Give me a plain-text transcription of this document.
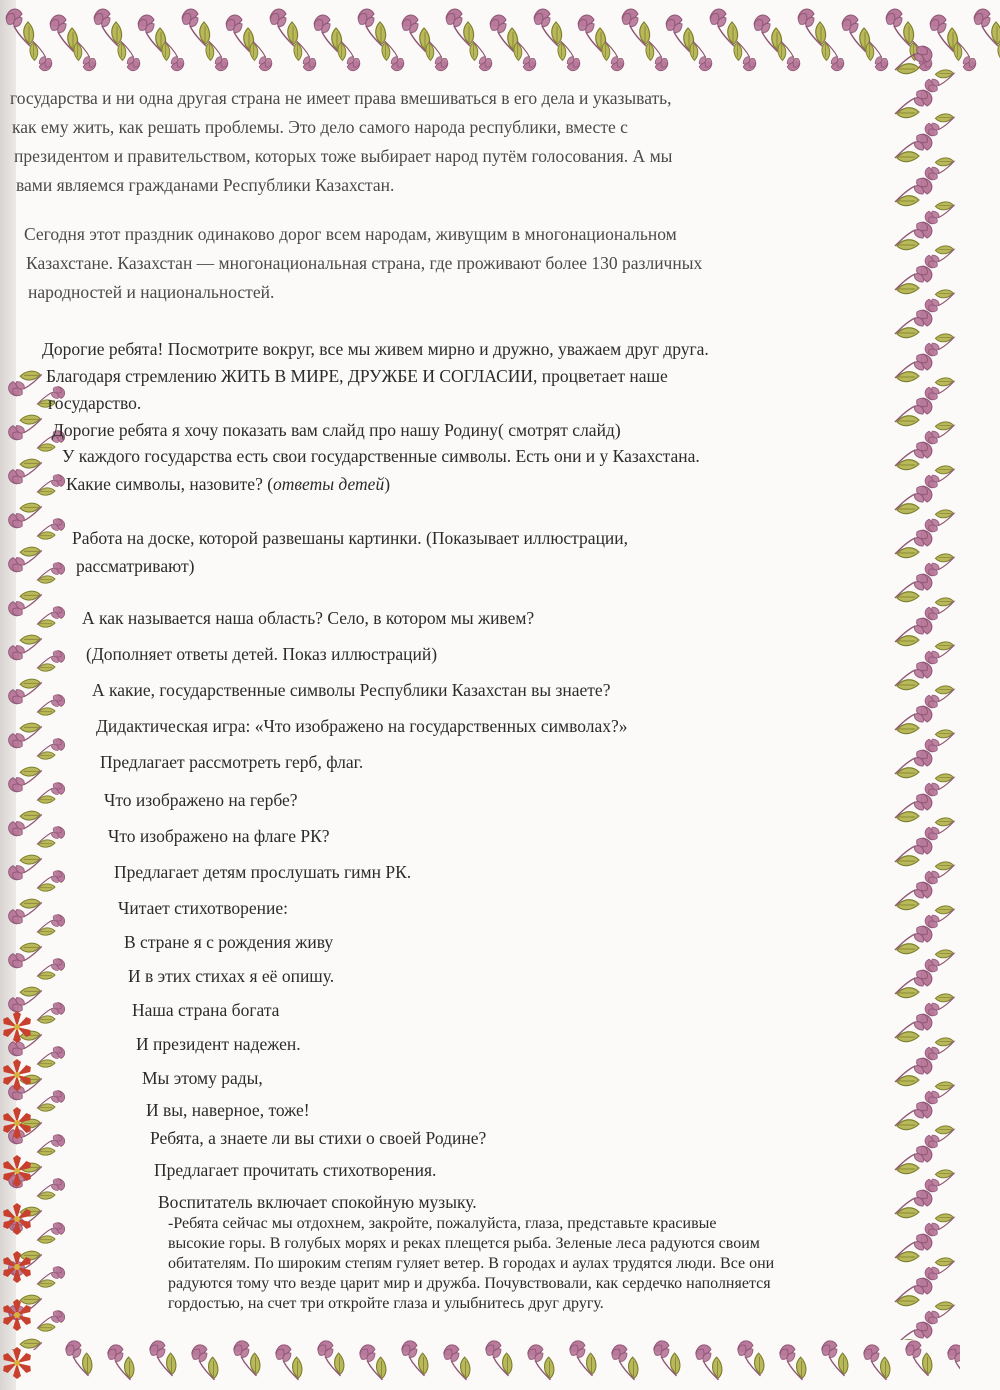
государства и ни одна другая страна не имеет права вмешиваться в его дела и указывать,
как ему жить, как решать проблемы. Это дело самого народа республики, вместе с
президентом и правительством, которых тоже выбирает народ путём голосования. А мы
вами являемся гражданами Республики Казахстан.
Сегодня этот праздник одинаково дорог всем народам, живущим в многонациональном
Казахстане. Казахстан — многонациональная страна, где проживают более 130 различных
народностей и национальностей.
Дорогие ребята! Посмотрите вокруг, все мы живем мирно и дружно, уважаем друг друга.
Благодаря стремлению ЖИТЬ В МИРЕ, ДРУЖБЕ И СОГЛАСИИ, процветает наше
государство.
Дорогие ребята я хочу показать вам слайд про нашу Родину( смотрят слайд)
У каждого государства есть свои государственные символы. Есть они и у Казахстана.
Какие символы, назовите? (ответы детей)
Работа на доске, которой развешаны картинки. (Показывает иллюстрации,
рассматривают)
А как называется наша область? Село, в котором мы живем?
(Дополняет ответы детей. Показ иллюстраций)
А какие, государственные символы Республики Казахстан вы знаете?
Дидактическая игра: «Что изображено на государственных символах?»
Предлагает рассмотреть герб, флаг.
Что изображено на гербе?
Что изображено на флаге РК?
Предлагает детям прослушать гимн РК.
Читает стихотворение:
В стране я с рождения живу
И в этих стихах я её опишу.
Наша страна богата
И президент надежен.
Мы этому рады,
И вы, наверное, тоже!
Ребята, а знаете ли вы стихи о своей Родине?
Предлагает прочитать стихотворения.
Воспитатель включает спокойную музыку.
-Ребята сейчас мы отдохнем, закройте, пожалуйста, глаза, представьте красивые
высокие горы. В голубых морях и реках плещется рыба. Зеленые леса радуются своим
обитателям. По широким степям гуляет ветер. В городах и аулах трудятся люди. Все они
радуются тому что везде царит мир и дружба. Почувствовали, как сердечко наполняется
гордостью, на счет три откройте глаза и улыбнитесь друг другу.
